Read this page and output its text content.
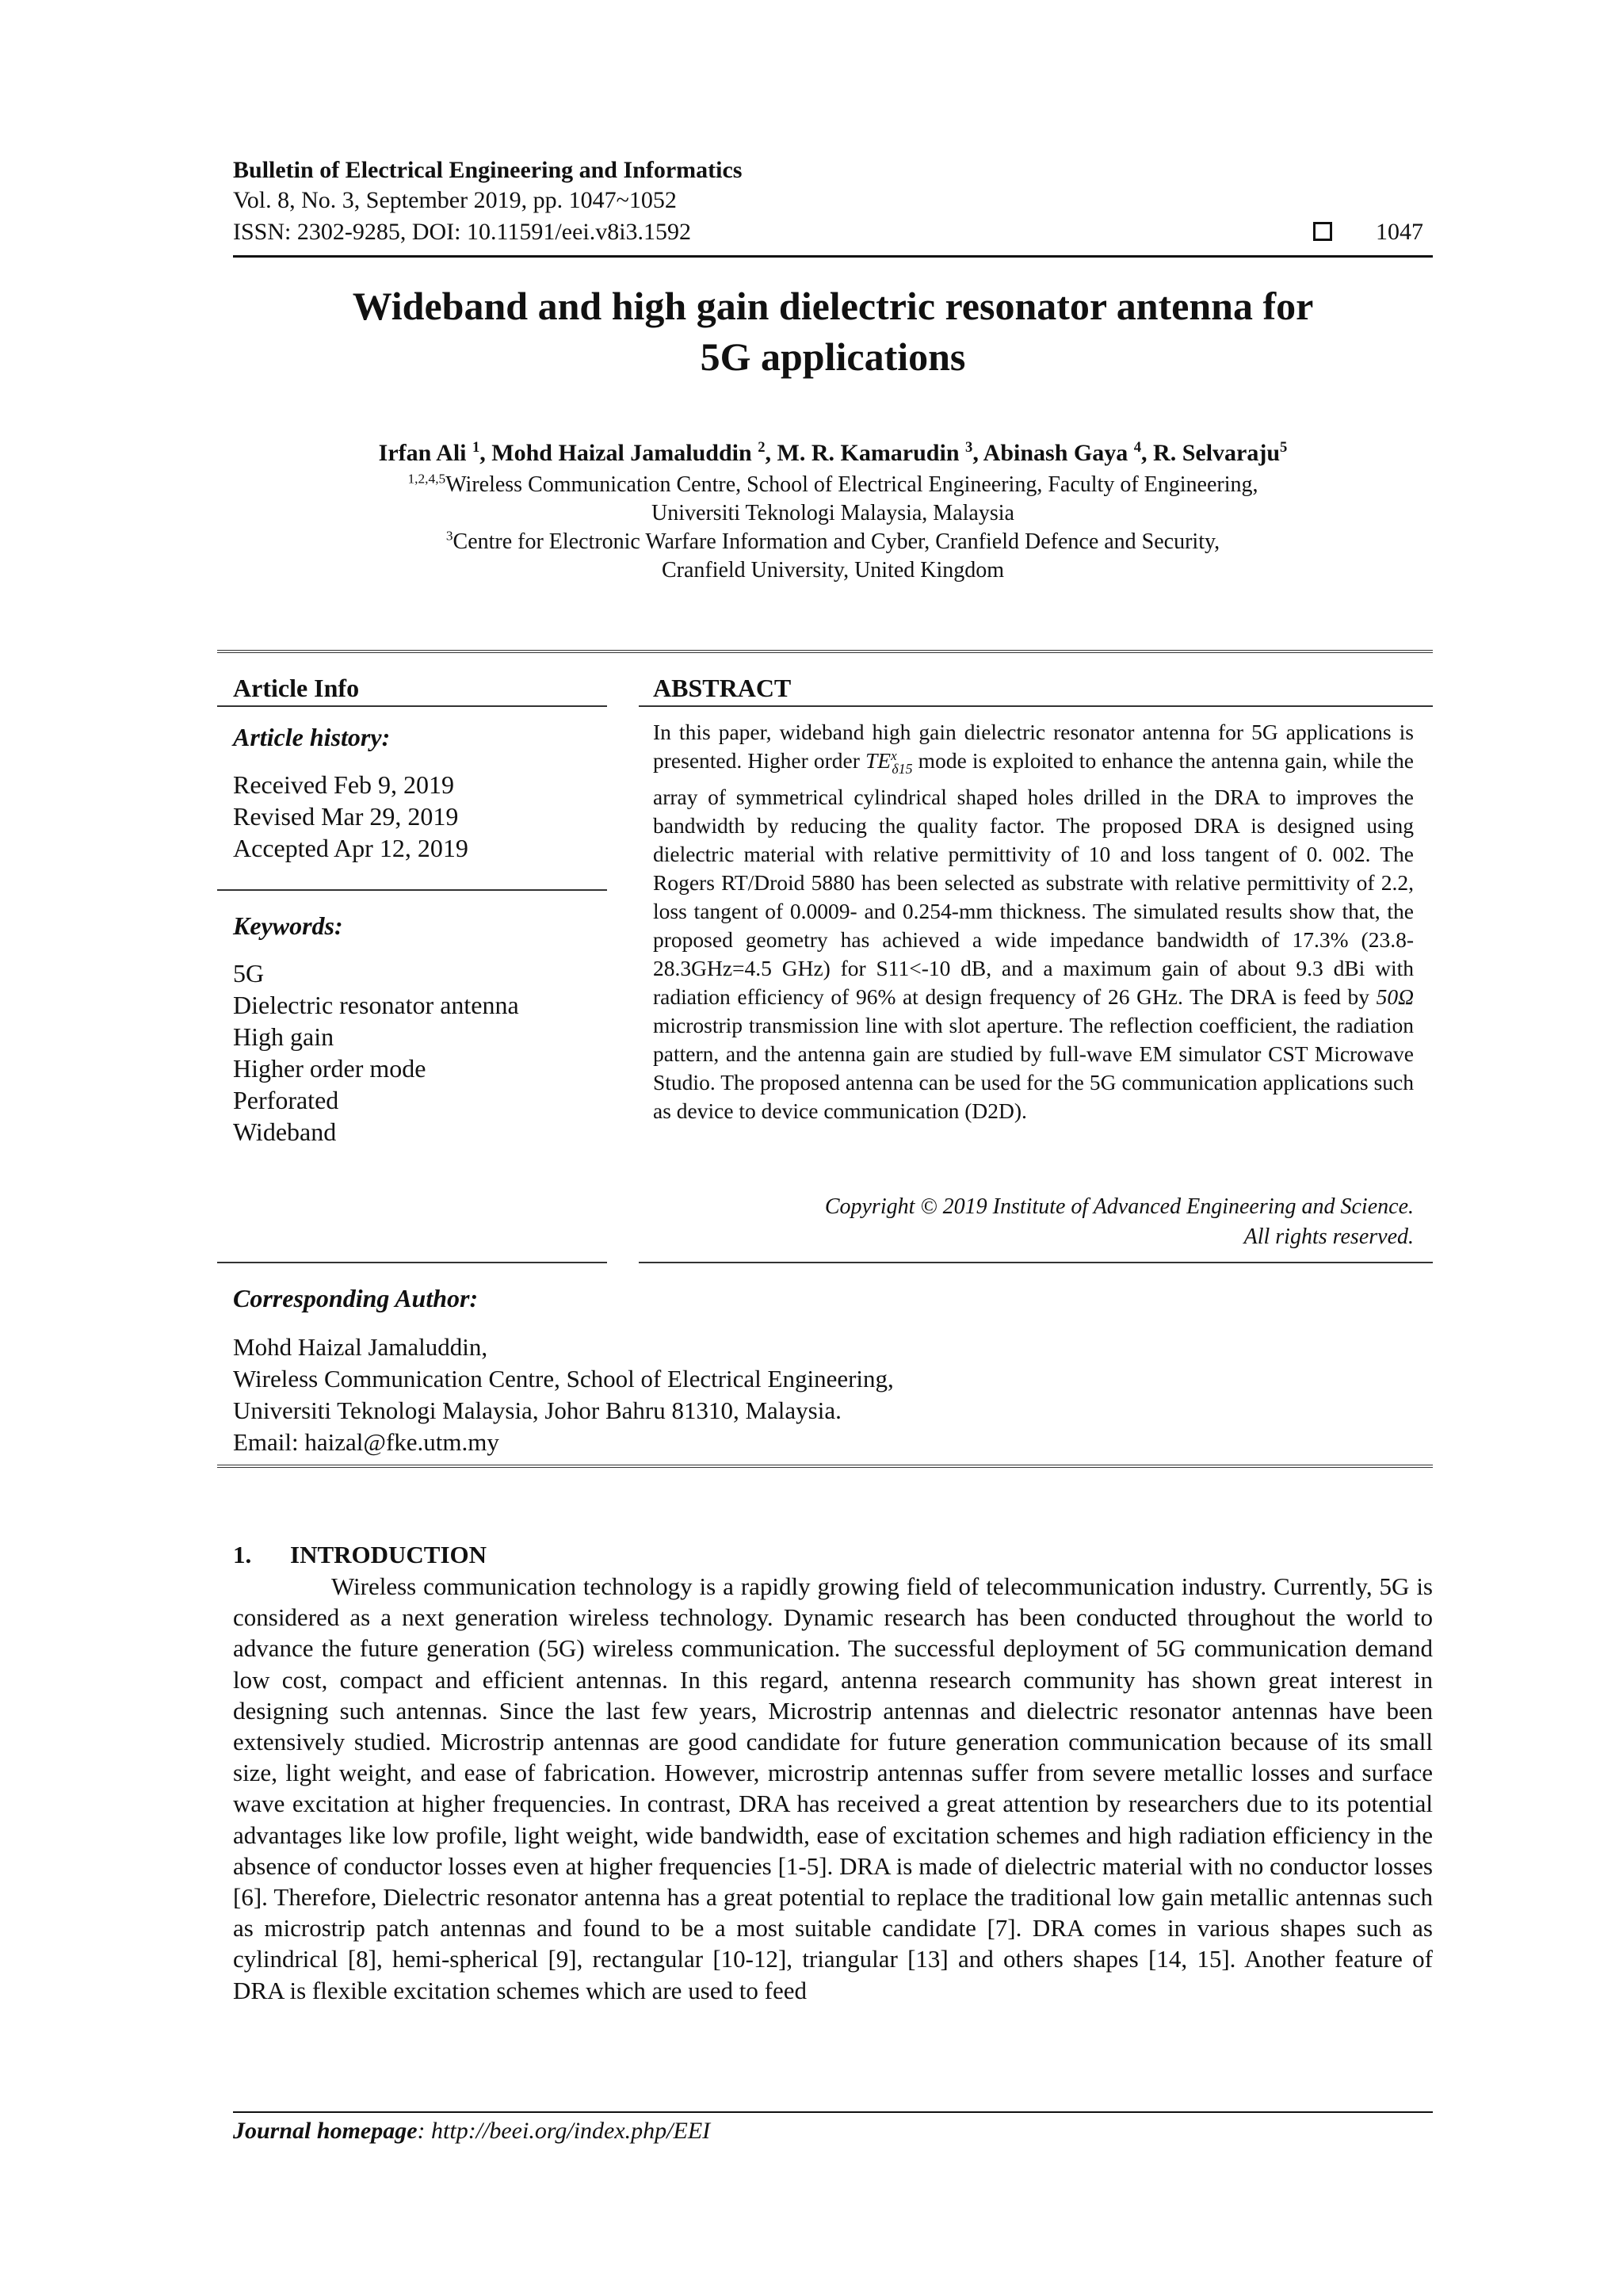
Bulletin of Electrical Engineering and Informatics
Vol. 8, No. 3, September 2019, pp. 1047~1052
ISSN: 2302-9285, DOI: 10.11591/eei.v8i3.1592	1047
Wideband and high gain dielectric resonator antenna for
5G applications
Irfan Ali $^1$, Mohd Haizal Jamaluddin $^2$, M. R. Kamarudin $^3$, Abinash Gaya $^4$, R. Selvaraju$^5$
$^{1,2,4,5}$Wireless Communication Centre, School of Electrical Engineering, Faculty of Engineering,
Universiti Teknologi Malaysia, Malaysia
$^3$Centre for Electronic Warfare Information and Cyber, Cranfield Defence and Security,
Cranfield University, United Kingdom
Article Info
Article history:
Received Feb 9, 2019
Revised Mar 29, 2019
Accepted Apr 12, 2019
Keywords:
5G
Dielectric resonator antenna
High gain
Higher order mode
Perforated
Wideband
ABSTRACT
In this paper, wideband high gain dielectric resonator antenna for 5G applications is presented. Higher order $TE^x_{\delta 15}$ mode is exploited to enhance the antenna gain, while the array of symmetrical cylindrical shaped holes drilled in the DRA to improves the bandwidth by reducing the quality factor. The proposed DRA is designed using dielectric material with relative permittivity of 10 and loss tangent of 0. 002. The Rogers RT/Droid 5880 has been selected as substrate with relative permittivity of 2.2, loss tangent of 0.0009- and 0.254-mm thickness. The simulated results show that, the proposed geometry has achieved a wide impedance bandwidth of 17.3% (23.8-28.3GHz=4.5 GHz) for S11<-10 dB, and a maximum gain of about 9.3 dBi with radiation efficiency of 96% at design frequency of 26 GHz. The DRA is feed by 50Ω microstrip transmission line with slot aperture. The reflection coefficient, the radiation pattern, and the antenna gain are studied by full-wave EM simulator CST Microwave Studio. The proposed antenna can be used for the 5G communication applications such as device to device communication (D2D).
Copyright © 2019 Institute of Advanced Engineering and Science.
All rights reserved.
Corresponding Author:
Mohd Haizal Jamaluddin,
Wireless Communication Centre, School of Electrical Engineering,
Universiti Teknologi Malaysia, Johor Bahru 81310, Malaysia.
Email: haizal@fke.utm.my
1. INTRODUCTION
Wireless communication technology is a rapidly growing field of telecommunication industry. Currently, 5G is considered as a next generation wireless technology. Dynamic research has been conducted throughout the world to advance the future generation (5G) wireless communication. The successful deployment of 5G communication demand low cost, compact and efficient antennas. In this regard, antenna research community has shown great interest in designing such antennas. Since the last few years, Microstrip antennas and dielectric resonator antennas have been extensively studied. Microstrip antennas are good candidate for future generation communication because of its small size, light weight, and ease of fabrication. However, microstrip antennas suffer from severe metallic losses and surface wave excitation at higher frequencies. In contrast, DRA has received a great attention by researchers due to its potential advantages like low profile, light weight, wide bandwidth, ease of excitation schemes and high radiation efficiency in the absence of conductor losses even at higher frequencies [1-5]. DRA is made of dielectric material with no conductor losses [6]. Therefore, Dielectric resonator antenna has a great potential to replace the traditional low gain metallic antennas such as microstrip patch antennas and found to be a most suitable candidate [7]. DRA comes in various shapes such as cylindrical [8], hemi-spherical [9], rectangular [10-12], triangular [13] and others shapes [14, 15]. Another feature of DRA is flexible excitation schemes which are used to feed
Journal homepage: http://beei.org/index.php/EEI
